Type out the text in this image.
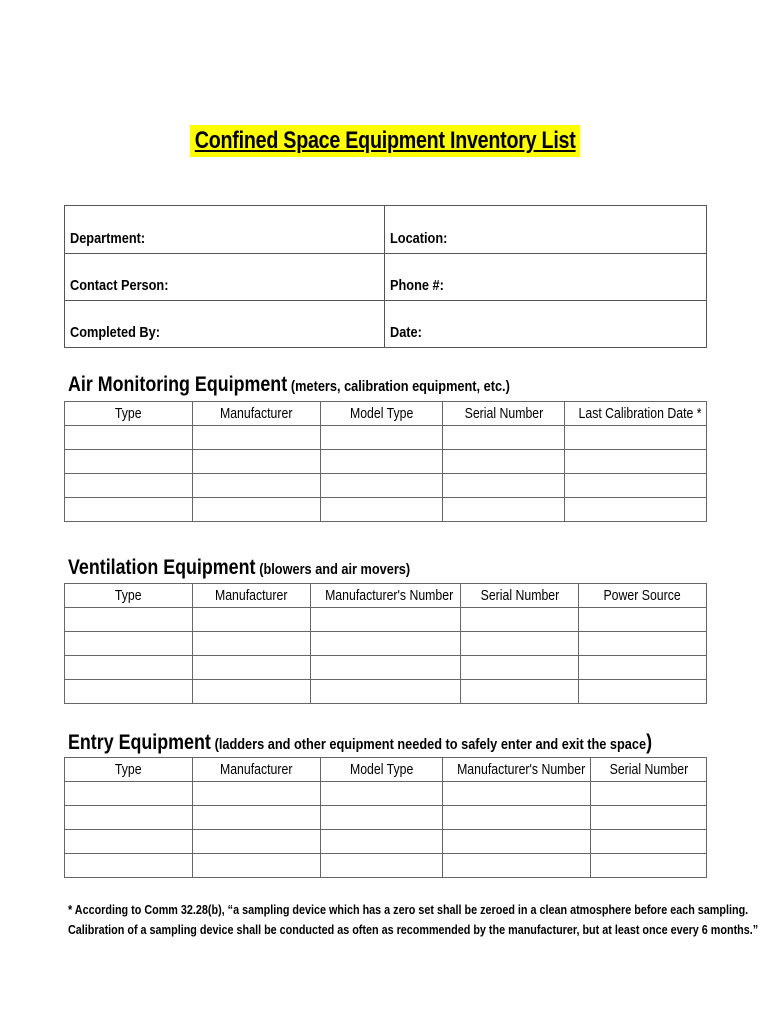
Confined Space Equipment Inventory List
Department:	Location:
Contact Person:	Phone #:
Completed By:	Date:
Air Monitoring Equipment (meters, calibration equipment, etc.)
Type	Manufacturer	Model Type	Serial Number	Last Calibration Date *

Ventilation Equipment (blowers and air movers)
Type	Manufacturer	Manufacturer's Number	Serial Number	Power Source

Entry Equipment (ladders and other equipment needed to safely enter and exit the space)
Type	Manufacturer	Model Type	Manufacturer's Number	Serial Number

* According to Comm 32.28(b), “a sampling device which has a zero set shall be zeroed in a clean atmosphere before each sampling.
Calibration of a sampling device shall be conducted as often as recommended by the manufacturer, but at least once every 6 months.”
